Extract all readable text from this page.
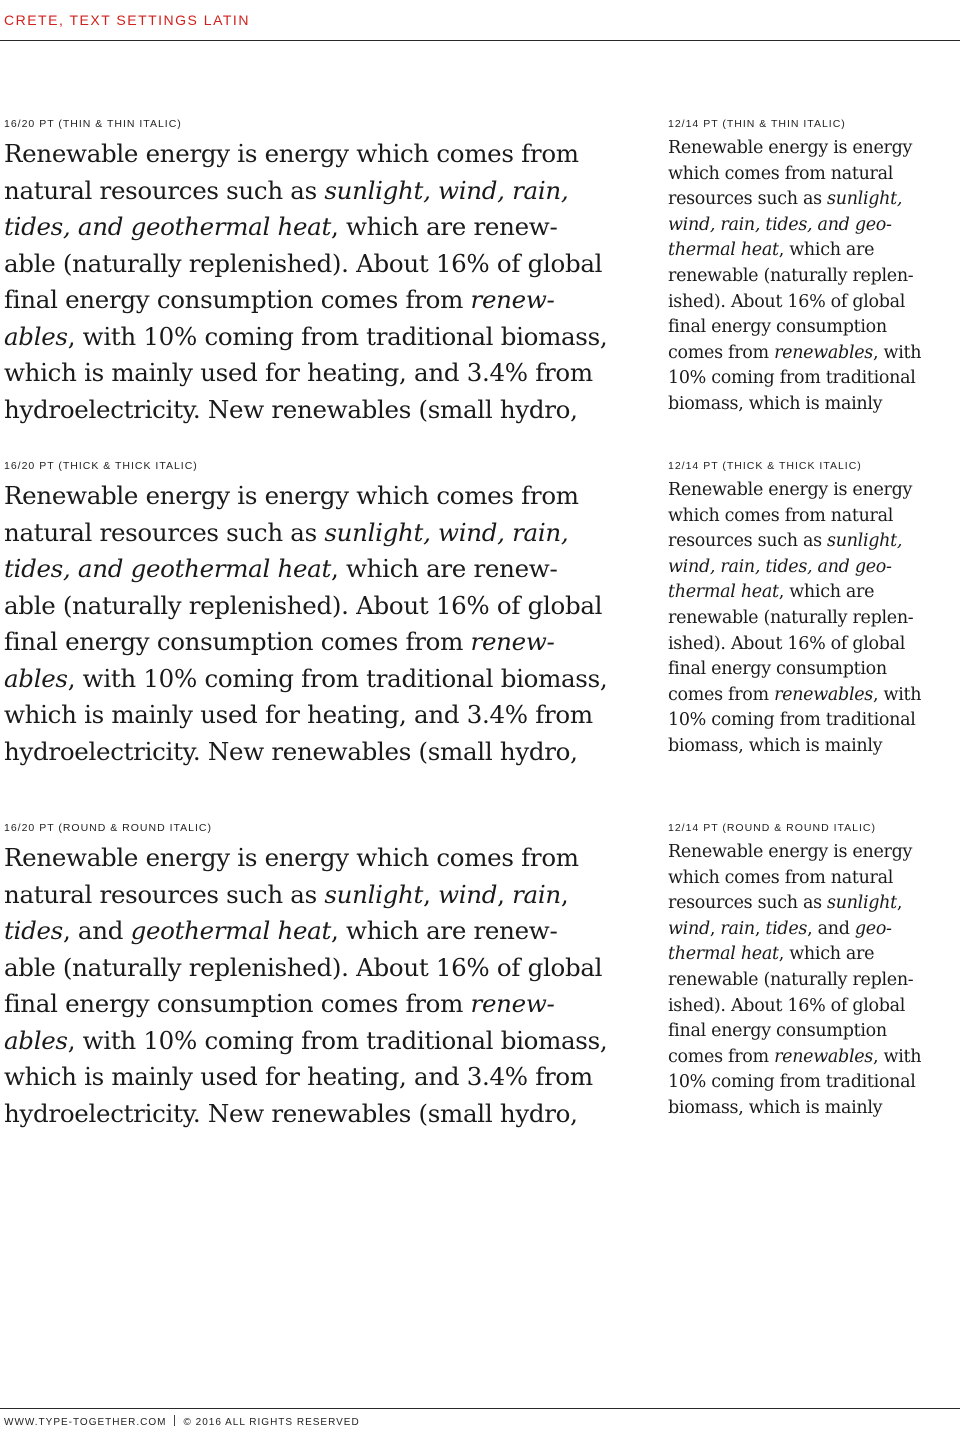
CRETE, TEXT SETTINGS LATIN
16/20 PT (THIN & THIN ITALIC)
Renewable energy is energy which comes from
natural resources such as sunlight, wind, rain,
tides, and geothermal heat, which are renew-
able (naturally replenished). About 16% of global
final energy consumption comes from renew-
ables, with 10% coming from traditional biomass,
which is mainly used for heating, and 3.4% from
hydroelectricity. New renewables (small hydro,
12/14 PT (THIN & THIN ITALIC)
Renewable energy is energy
which comes from natural
resources such as sunlight,
wind, rain, tides, and geo-
thermal heat, which are
renewable (naturally replen-
ished). About 16% of global
final energy consumption
comes from renewables, with
10% coming from traditional
biomass, which is mainly
16/20 PT (THICK & THICK ITALIC)
Renewable energy is energy which comes from
natural resources such as sunlight, wind, rain,
tides, and geothermal heat, which are renew-
able (naturally replenished). About 16% of global
final energy consumption comes from renew-
ables, with 10% coming from traditional biomass,
which is mainly used for heating, and 3.4% from
hydroelectricity. New renewables (small hydro,
12/14 PT (THICK & THICK ITALIC)
Renewable energy is energy
which comes from natural
resources such as sunlight,
wind, rain, tides, and geo-
thermal heat, which are
renewable (naturally replen-
ished). About 16% of global
final energy consumption
comes from renewables, with
10% coming from traditional
biomass, which is mainly
16/20 PT (ROUND & ROUND ITALIC)
Renewable energy is energy which comes from
natural resources such as sunlight, wind, rain,
tides, and geothermal heat, which are renew-
able (naturally replenished). About 16% of global
final energy consumption comes from renew-
ables, with 10% coming from traditional biomass,
which is mainly used for heating, and 3.4% from
hydroelectricity. New renewables (small hydro,
12/14 PT (ROUND & ROUND ITALIC)
Renewable energy is energy
which comes from natural
resources such as sunlight,
wind, rain, tides, and geo-
thermal heat, which are
renewable (naturally replen-
ished). About 16% of global
final energy consumption
comes from renewables, with
10% coming from traditional
biomass, which is mainly
WWW.TYPE-TOGETHER.COM © 2016 ALL RIGHTS RESERVED
